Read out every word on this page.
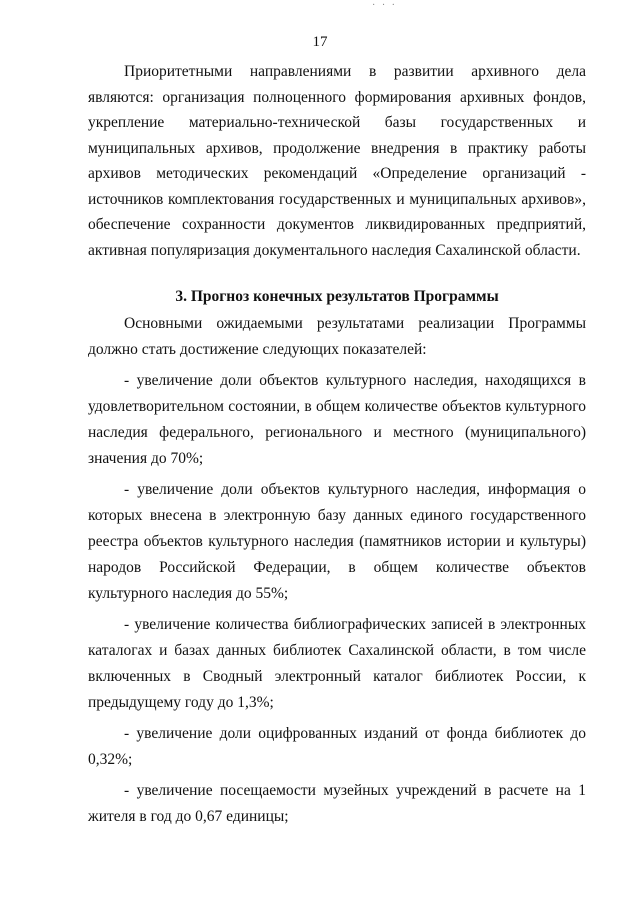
· · ·
17

Приоритетными направлениями в развитии архивного дела являются: организация полноценного формирования архивных фондов, укрепление материально-технической базы государственных и муниципальных архивов, продолжение внедрения в практику работы архивов методических рекомендаций «Определение организаций - источников комплектования государственных и муниципальных архивов», обеспечение сохранности документов ликвидированных предприятий, активная популяризация документального наследия Сахалинской области.

3. Прогноз конечных результатов Программы

Основными ожидаемыми результатами реализации Программы должно стать достижение следующих показателей:

- увеличение доли объектов культурного наследия, находящихся в удовлетворительном состоянии, в общем количестве объектов культурного наследия федерального, регионального и местного (муниципального) значения до 70%;

- увеличение доли объектов культурного наследия, информация о которых внесена в электронную базу данных единого государственного реестра объектов культурного наследия (памятников истории и культуры) народов Российской Федерации, в общем количестве объектов культурного наследия до 55%;

- увеличение количества библиографических записей в электронных каталогах и базах данных библиотек Сахалинской области, в том числе включенных в Сводный электронный каталог библиотек России, к предыдущему году до 1,3%;

- увеличение доли оцифрованных изданий от фонда библиотек до 0,32%;

- увеличение посещаемости музейных учреждений в расчете на 1 жителя в год до 0,67 единицы;
